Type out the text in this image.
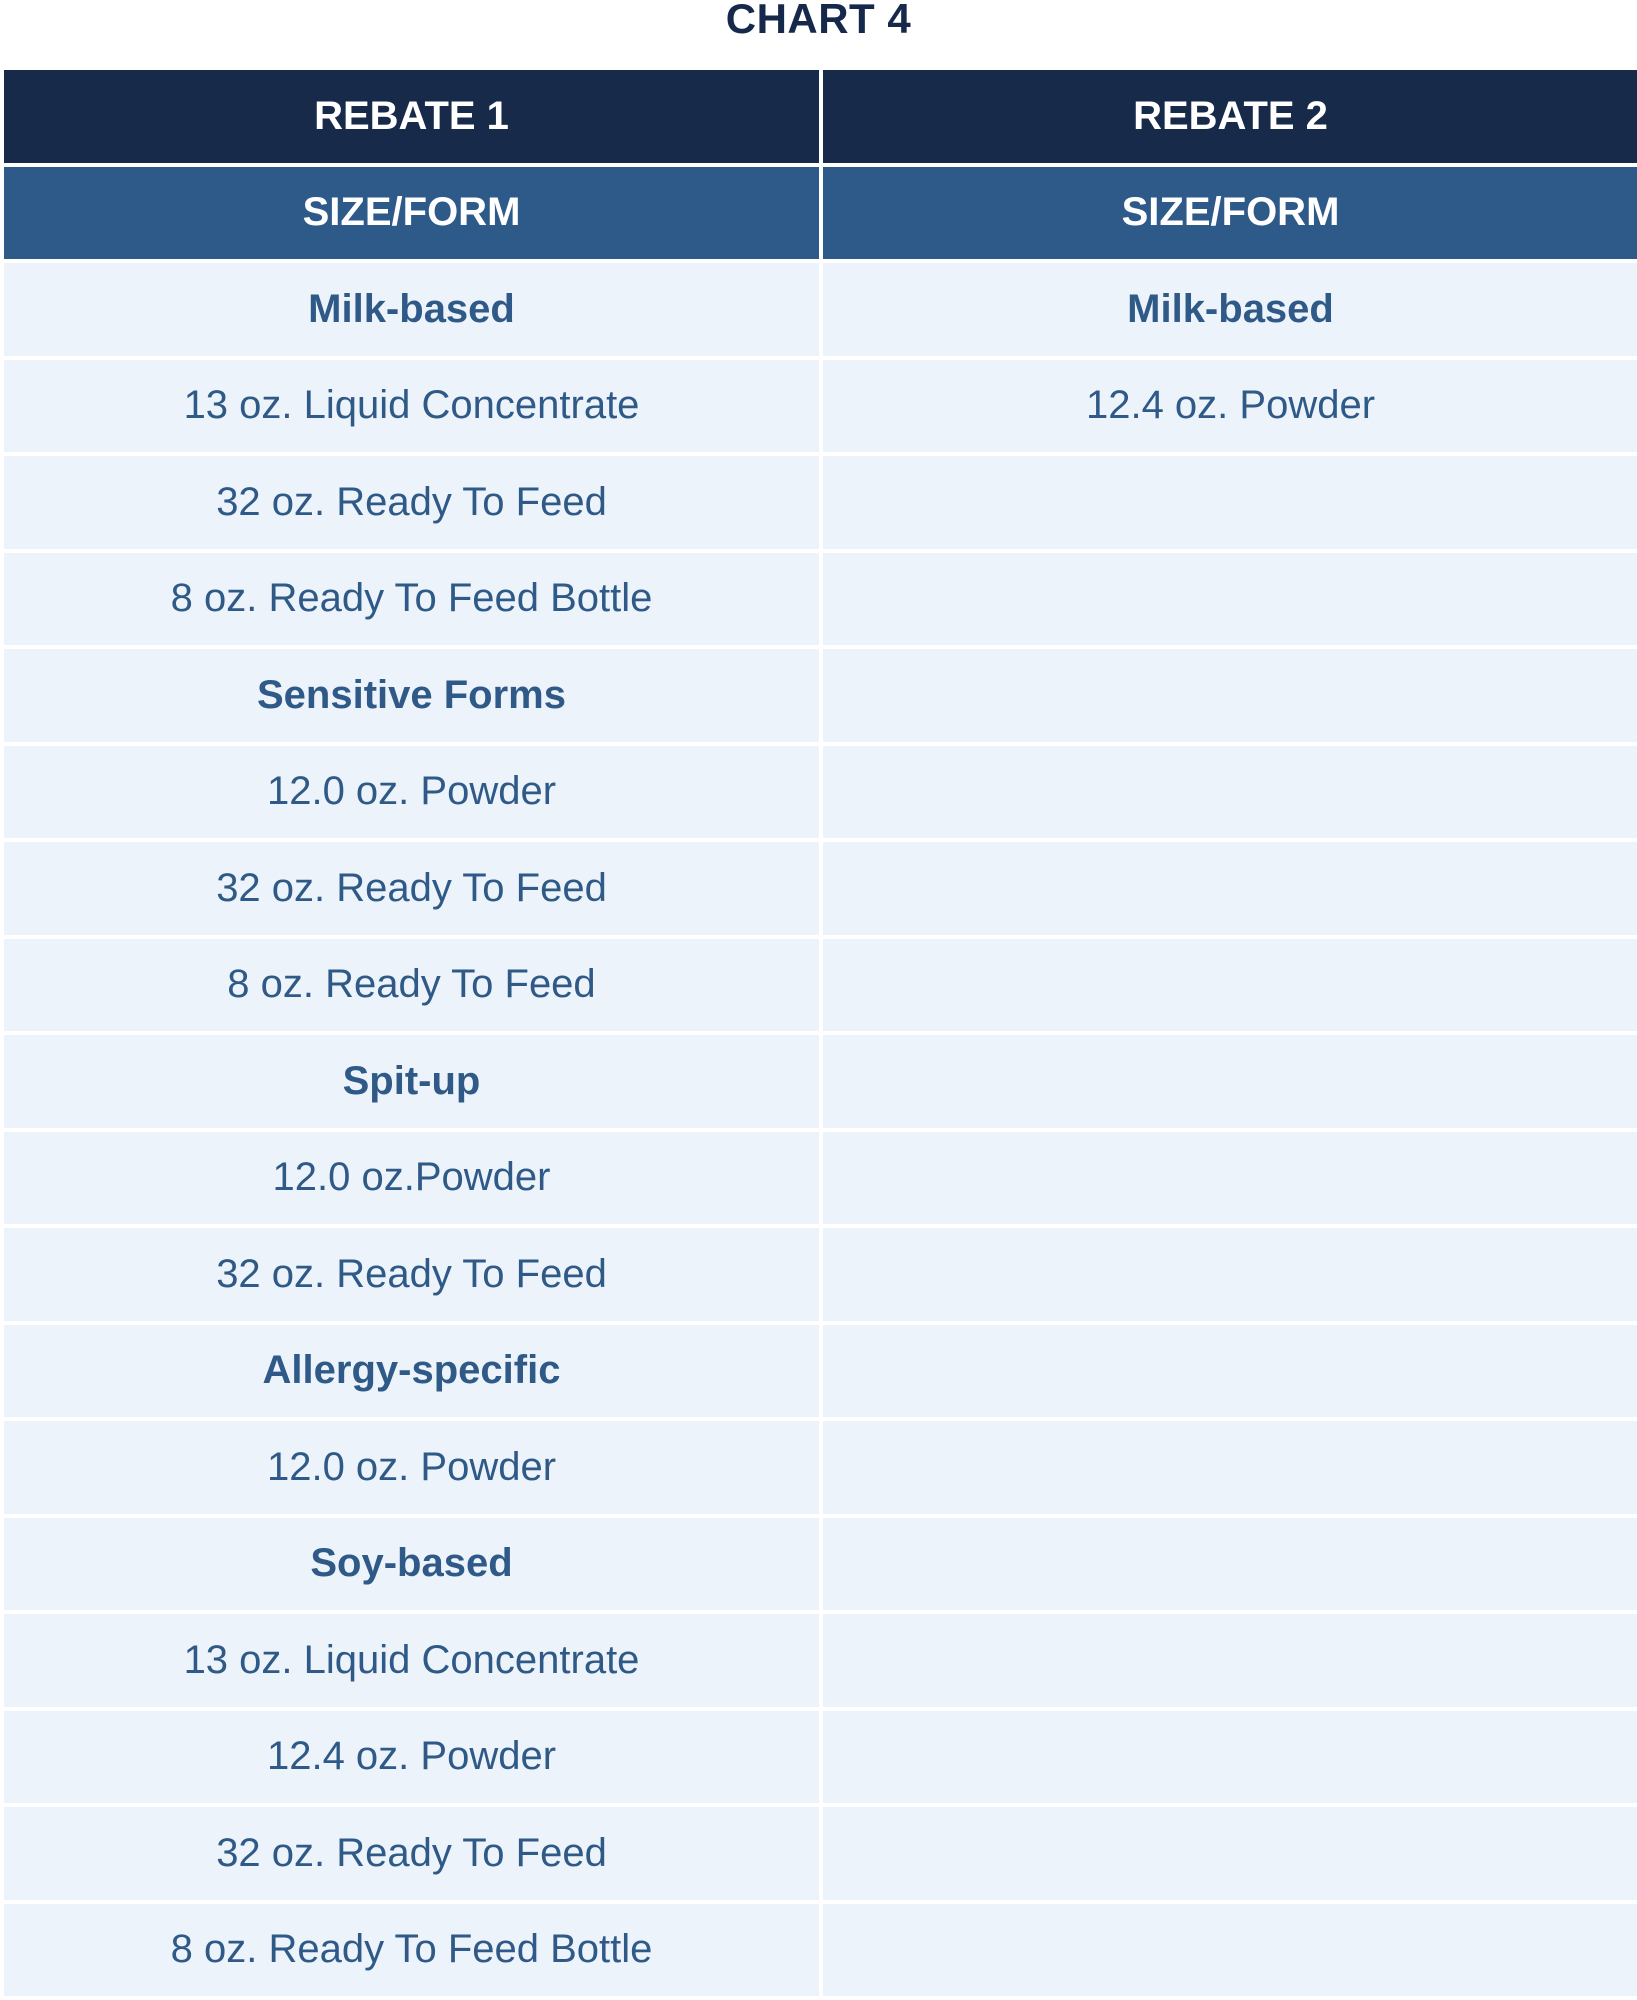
CHART 4
REBATE 1	REBATE 2
SIZE/FORM	SIZE/FORM
Milk-based	Milk-based
13 oz. Liquid Concentrate	12.4 oz. Powder
32 oz. Ready To Feed
8 oz. Ready To Feed Bottle
Sensitive Forms
12.0 oz. Powder
32 oz. Ready To Feed
8 oz. Ready To Feed
Spit-up
12.0 oz.Powder
32 oz. Ready To Feed
Allergy-specific
12.0 oz. Powder
Soy-based
13 oz. Liquid Concentrate
12.4 oz. Powder
32 oz. Ready To Feed
8 oz. Ready To Feed Bottle
